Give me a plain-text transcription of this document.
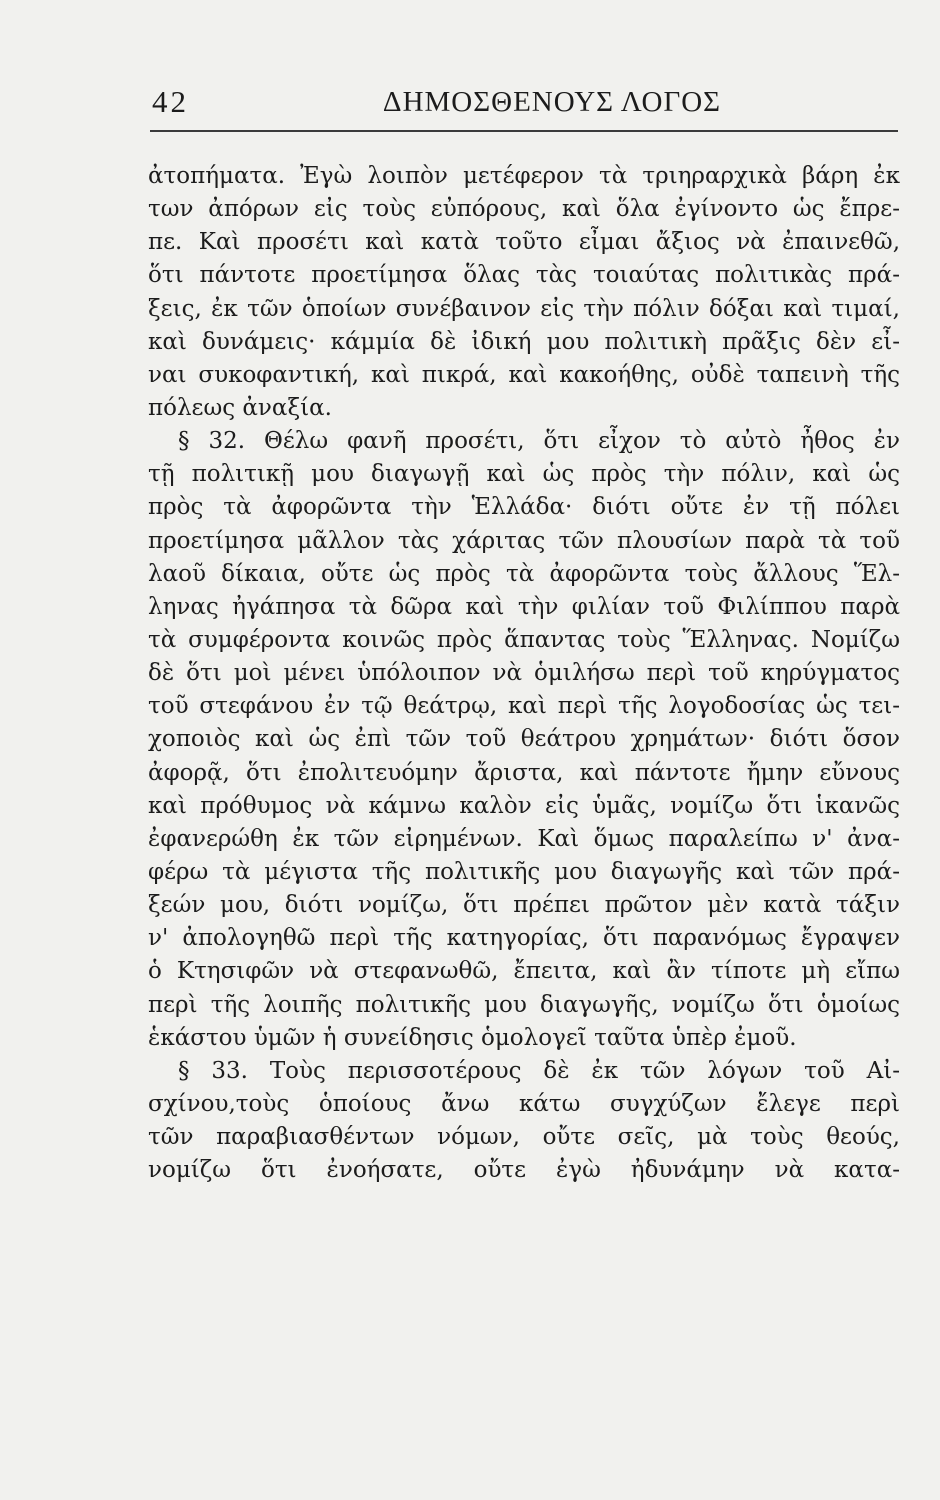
42	ΔΗΜΟΣΘΕΝΟΥΣ ΛΟΓΟΣ
ἀτοπήματα. Ἐγὼ λοιπὸν μετέφερον τὰ τριηραρχικὰ βάρη ἐκ
των ἀπόρων εἰς τοὺς εὐπόρους, καὶ ὅλα ἐγίνοντο ὡς ἔπρε-
πε. Καὶ προσέτι καὶ κατὰ τοῦτο εἶμαι ἄξιος νὰ ἐπαινεθῶ,
ὅτι πάντοτε προετίμησα ὅλας τὰς τοιαύτας πολιτικὰς πρά-
ξεις, ἐκ τῶν ὁποίων συνέβαινον εἰς τὴν πόλιν δόξαι καὶ τιμαί,
καὶ δυνάμεις· κάμμία δὲ ἰδική μου πολιτικὴ πρᾶξις δὲν εἶ-
ναι συκοφαντική, καὶ πικρά, καὶ κακοήθης, οὐδὲ ταπεινὴ τῆς
πόλεως ἀναξία.
§ 32. Θέλω φανῆ προσέτι, ὅτι εἶχον τὸ αὐτὸ ἦθος ἐν
τῇ πολιτικῇ μου διαγωγῇ καὶ ὡς πρὸς τὴν πόλιν, καὶ ὡς
πρὸς τὰ ἀφορῶντα τὴν Ἑλλάδα· διότι οὔτε ἐν τῇ πόλει
προετίμησα μᾶλλον τὰς χάριτας τῶν πλουσίων παρὰ τὰ τοῦ
λαοῦ δίκαια, οὔτε ὡς πρὸς τὰ ἀφορῶντα τοὺς ἄλλους Ἕλ-
ληνας ἠγάπησα τὰ δῶρα καὶ τὴν φιλίαν τοῦ Φιλίππου παρὰ
τὰ συμφέροντα κοινῶς πρὸς ἅπαντας τοὺς Ἕλληνας. Νομίζω
δὲ ὅτι μοὶ μένει ὑπόλοιπον νὰ ὁμιλήσω περὶ τοῦ κηρύγματος
τοῦ στεφάνου ἐν τῷ θεάτρῳ, καὶ περὶ τῆς λογοδοσίας ὡς τει-
χοποιὸς καὶ ὡς ἐπὶ τῶν τοῦ θεάτρου χρημάτων· διότι ὅσον
ἀφορᾷ, ὅτι ἐπολιτευόμην ἄριστα, καὶ πάντοτε ἤμην εὔνους
καὶ πρόθυμος νὰ κάμνω καλὸν εἰς ὑμᾶς, νομίζω ὅτι ἱκανῶς
ἐφανερώθη ἐκ τῶν εἰρημένων. Καὶ ὅμως παραλείπω ν' ἀνα-
φέρω τὰ μέγιστα τῆς πολιτικῆς μου διαγωγῆς καὶ τῶν πρά-
ξεών μου, διότι νομίζω, ὅτι πρέπει πρῶτον μὲν κατὰ τάξιν
ν' ἀπολογηθῶ περὶ τῆς κατηγορίας, ὅτι παρανόμως ἔγραψεν
ὁ Κτησιφῶν νὰ στεφανωθῶ, ἔπειτα, καὶ ἂν τίποτε μὴ εἴπω
περὶ τῆς λοιπῆς πολιτικῆς μου διαγωγῆς, νομίζω ὅτι ὁμοίως
ἑκάστου ὑμῶν ἡ συνείδησις ὁμολογεῖ ταῦτα ὑπὲρ ἐμοῦ.
§ 33. Τοὺς περισσοτέρους δὲ ἐκ τῶν λόγων τοῦ Αἰ-
σχίνου,τοὺς ὁποίους ἄνω κάτω συγχύζων ἔλεγε περὶ
τῶν παραβιασθέντων νόμων, οὔτε σεῖς, μὰ τοὺς θεούς,
νομίζω ὅτι ἐνοήσατε, οὔτε ἐγὼ ἠδυνάμην νὰ κατα-
